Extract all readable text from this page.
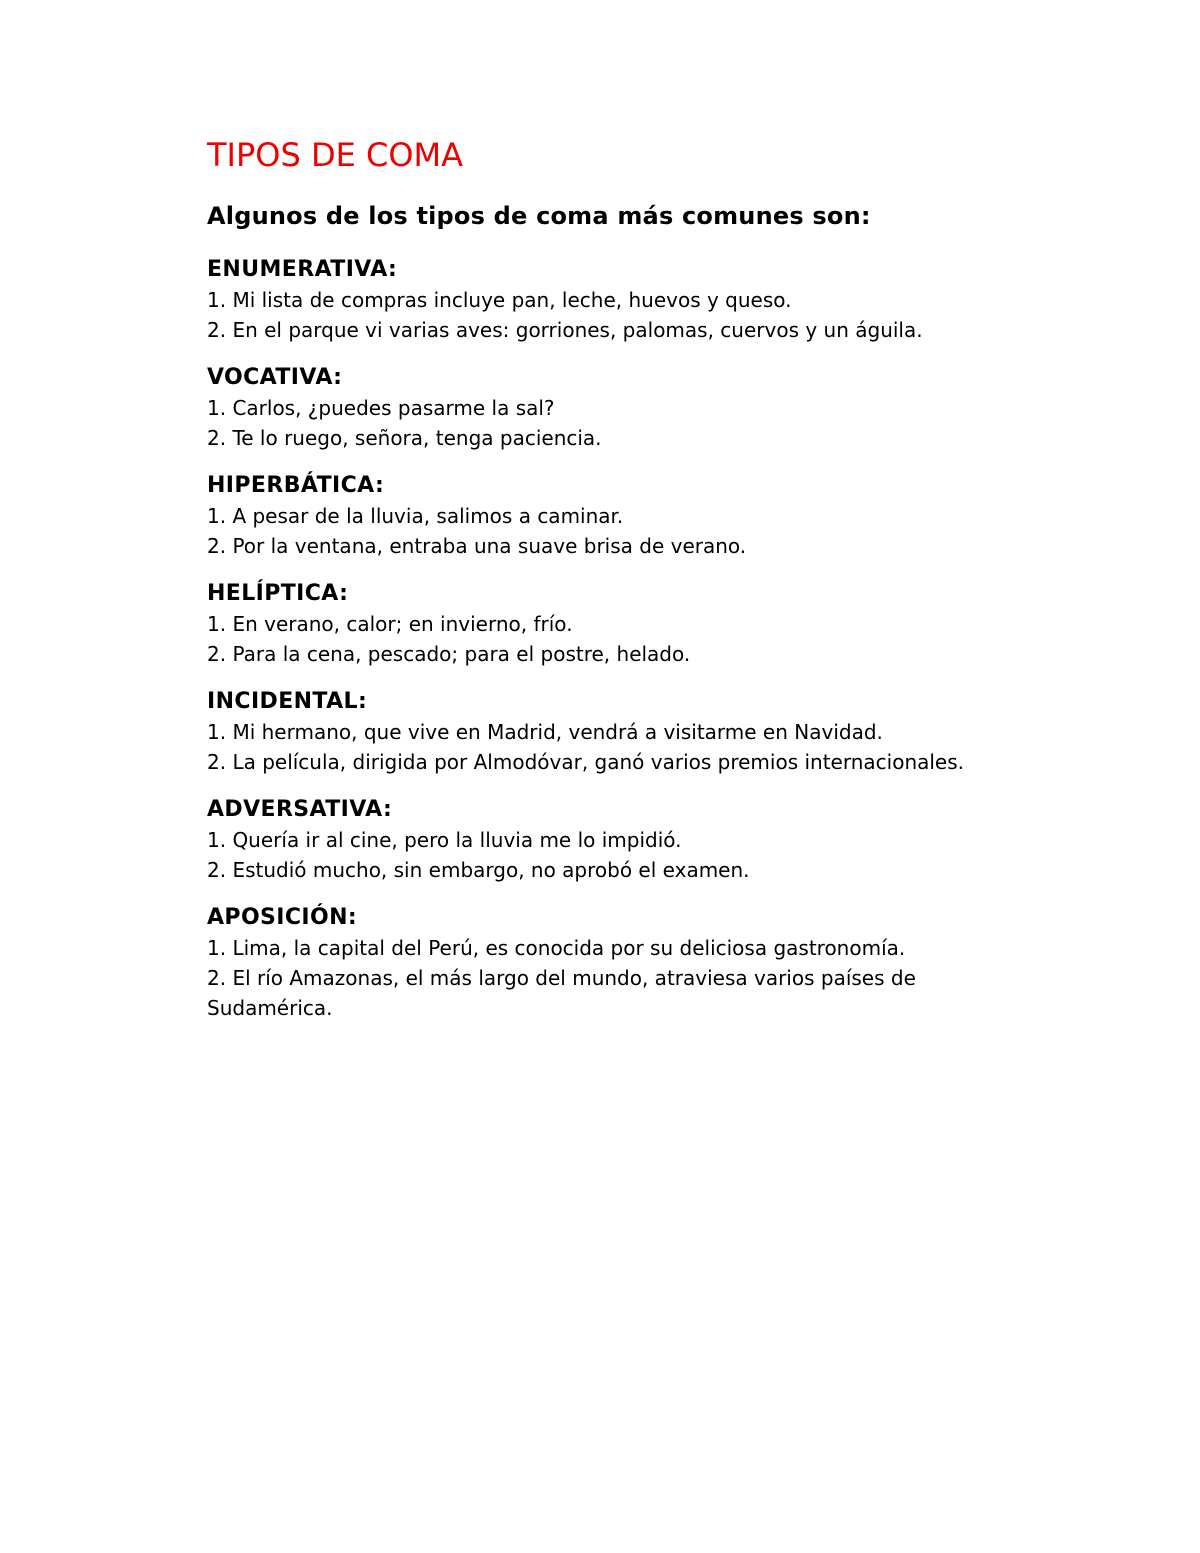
TIPOS DE COMA
Algunos de los tipos de coma más comunes son:
ENUMERATIVA:

1. Mi lista de compras incluye pan, leche, huevos y queso.

2. En el parque vi varias aves: gorriones, palomas, cuervos y un águila.

VOCATIVA:

1. Carlos, ¿puedes pasarme la sal?

2. Te lo ruego, señora, tenga paciencia.

HIPERBÁTICA:

1. A pesar de la lluvia, salimos a caminar.

2. Por la ventana, entraba una suave brisa de verano.

HELÍPTICA:

1. En verano, calor; en invierno, frío.

2. Para la cena, pescado; para el postre, helado.

INCIDENTAL:

1. Mi hermano, que vive en Madrid, vendrá a visitarme en Navidad.

2. La película, dirigida por Almodóvar, ganó varios premios internacionales.

ADVERSATIVA:

1. Quería ir al cine, pero la lluvia me lo impidió.

2. Estudió mucho, sin embargo, no aprobó el examen.

APOSICIÓN:

1. Lima, la capital del Perú, es conocida por su deliciosa gastronomía.

2. El río Amazonas, el más largo del mundo, atraviesa varios países de Sudamérica.
